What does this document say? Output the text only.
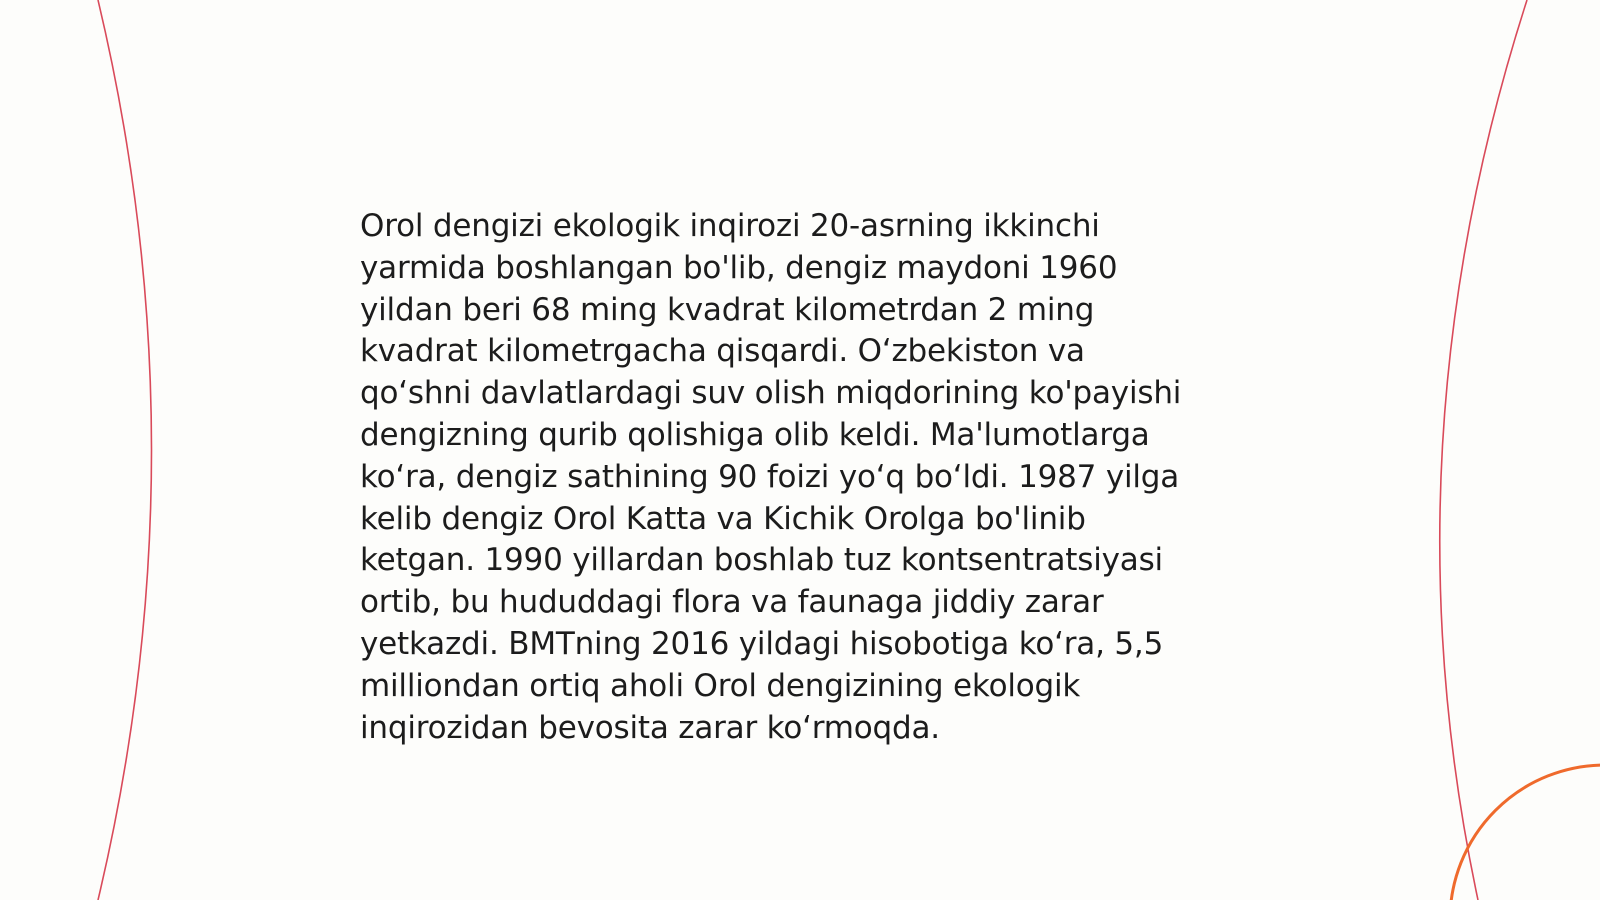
Orol dengizi ekologik inqirozi 20-asrning ikkinchi
yarmida boshlangan bo'lib, dengiz maydoni 1960
yildan beri 68 ming kvadrat kilometrdan 2 ming
kvadrat kilometrgacha qisqardi. O‘zbekiston va
qo‘shni davlatlardagi suv olish miqdorining ko'payishi
dengizning qurib qolishiga olib keldi. Ma'lumotlarga
ko‘ra, dengiz sathining 90 foizi yo‘q bo‘ldi. 1987 yilga
kelib dengiz Orol Katta va Kichik Orolga bo'linib
ketgan. 1990 yillardan boshlab tuz kontsentratsiyasi
ortib, bu hududdagi flora va faunaga jiddiy zarar
yetkazdi. BMTning 2016 yildagi hisobotiga ko‘ra, 5,5
milliondan ortiq aholi Orol dengizining ekologik
inqirozidan bevosita zarar ko‘rmoqda.
